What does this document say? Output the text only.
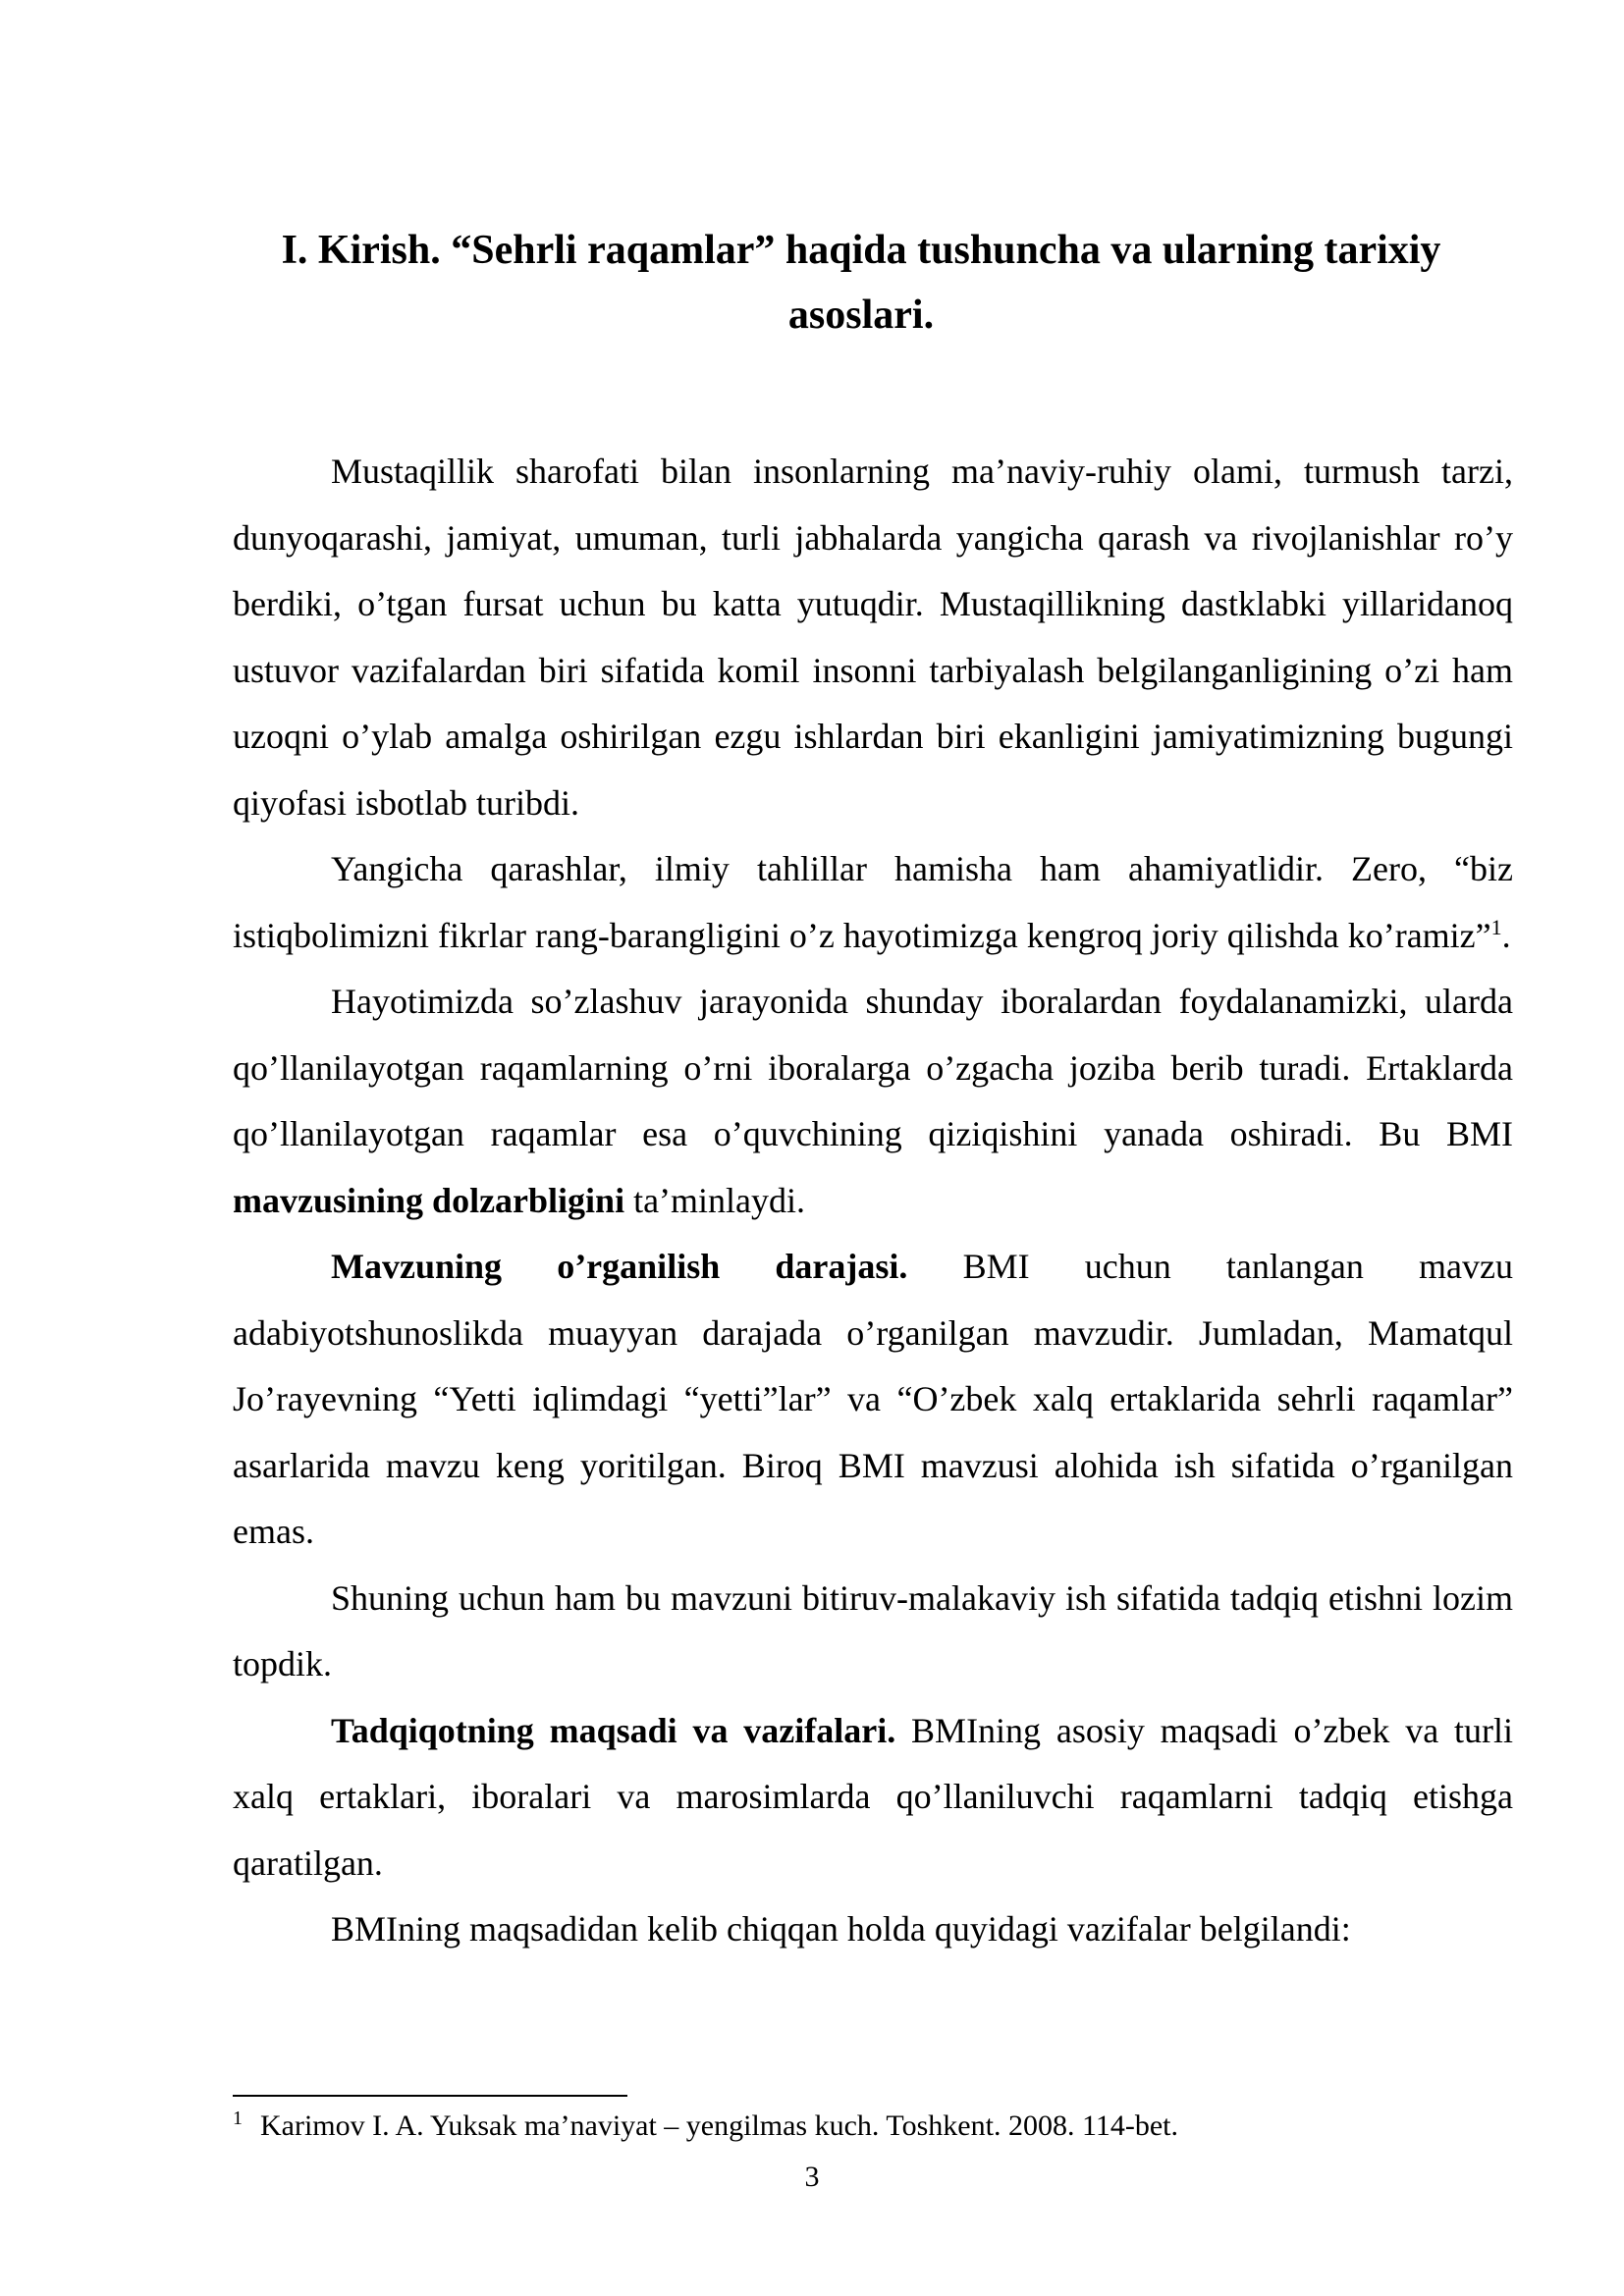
I. Kirish. “Sehrli raqamlar” haqida tushuncha va ularning tarixiy asoslari.

Mustaqillik sharofati bilan insonlarning ma’naviy-ruhiy olami, turmush tarzi, dunyoqarashi, jamiyat, umuman, turli jabhalarda yangicha qarash va rivojlanishlar ro’y berdiki, o’tgan fursat uchun bu katta yutuqdir. Mustaqillikning dastklabki yillaridanoq ustuvor vazifalardan biri sifatida komil insonni tarbiyalash belgilanganligining o’zi ham uzoqni o’ylab amalga oshirilgan ezgu ishlardan biri ekanligini jamiyatimizning bugungi qiyofasi isbotlab turibdi.

Yangicha qarashlar, ilmiy tahlillar hamisha ham ahamiyatlidir. Zero, “biz istiqbolimizni fikrlar rang-barangligini o’z hayotimizga kengroq joriy qilishda ko’ramiz”$^1$.

Hayotimizda so’zlashuv jarayonida shunday iboralardan foydalanamizki, ularda qo’llanilayotgan raqamlarning o’rni iboralarga o’zgacha joziba berib turadi. Ertaklarda qo’llanilayotgan raqamlar esa o’quvchining qiziqishini yanada oshiradi. Bu BMI mavzusining dolzarbligini ta’minlaydi.

Mavzuning o’rganilish darajasi. BMI uchun tanlangan mavzu adabiyotshunoslikda muayyan darajada o’rganilgan mavzudir. Jumladan, Mamatqul Jo’rayevning “Yetti iqlimdagi “yetti”lar” va “O’zbek xalq ertaklarida sehrli raqamlar” asarlarida mavzu keng yoritilgan. Biroq BMI mavzusi alohida ish sifatida o’rganilgan emas.

Shuning uchun ham bu mavzuni bitiruv-malakaviy ish sifatida tadqiq etishni lozim topdik.

Tadqiqotning maqsadi va vazifalari. BMIning asosiy maqsadi o’zbek va turli xalq ertaklari, iboralari va marosimlarda qo’llaniluvchi raqamlarni tadqiq etishga qaratilgan.

BMIning maqsadidan kelib chiqqan holda quyidagi vazifalar belgilandi:

$^1$ Karimov I. A. Yuksak ma’naviyat – yengilmas kuch. Toshkent. 2008. 114-bet.

3
